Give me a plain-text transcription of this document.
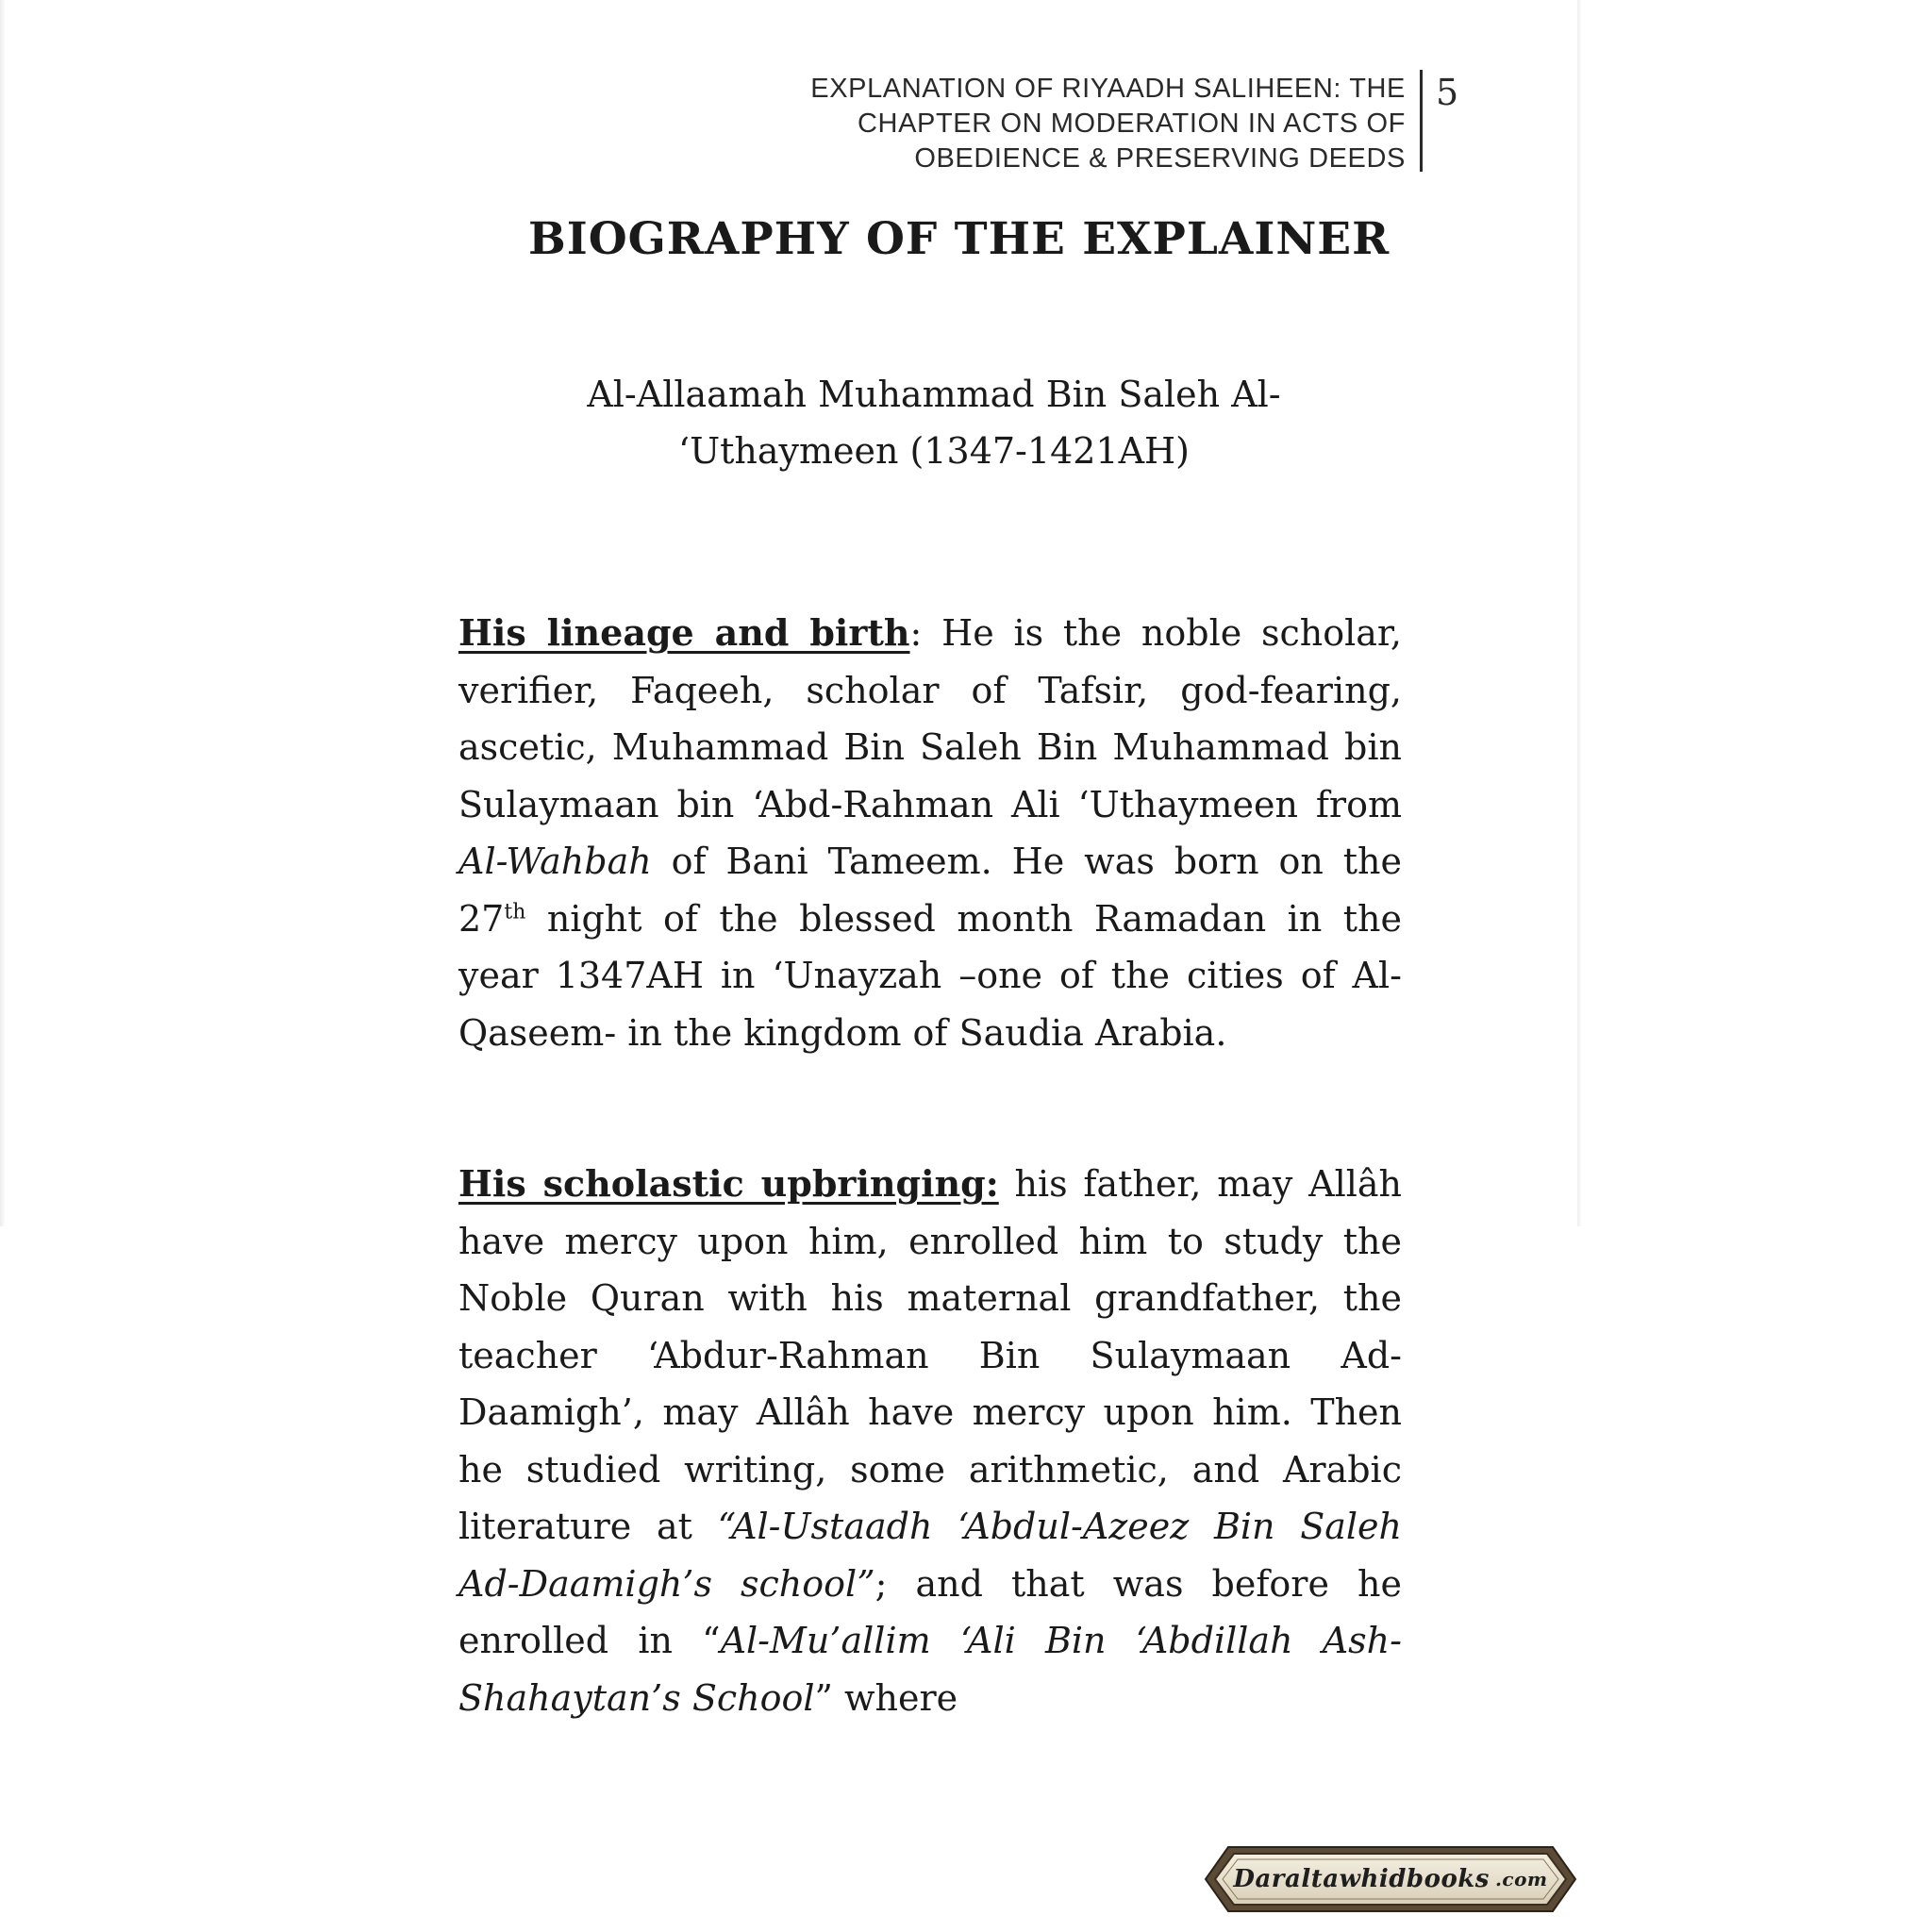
EXPLANATION OF RIYAADH SALIHEEN: THE
CHAPTER ON MODERATION IN ACTS OF
OBEDIENCE & PRESERVING DEEDS
5
BIOGRAPHY OF THE EXPLAINER
Al-Allaamah Muhammad Bin Saleh Al-
‘Uthaymeen (1347-1421AH)
His lineage and birth: He is the noble scholar, verifier, Faqeeh, scholar of Tafsir, god-fearing, ascetic, Muhammad Bin Saleh Bin Muhammad bin Sulaymaan bin ‘Abd-Rahman Ali ‘Uthaymeen from Al-Wahbah of Bani Tameem. He was born on the 27th night of the blessed month Ramadan in the year 1347AH in ‘Unayzah –one of the cities of Al-Qaseem- in the kingdom of Saudia Arabia.
His scholastic upbringing: his father, may Allâh have mercy upon him, enrolled him to study the Noble Quran with his maternal grandfather, the teacher ‘Abdur-Rahman Bin Sulaymaan Ad-Daamigh’, may Allâh have mercy upon him. Then he studied writing, some arithmetic, and Arabic literature at “Al-Ustaadh ‘Abdul-Azeez Bin Saleh Ad-Daamigh’s school”; and that was before he enrolled in “Al-Mu’allim ‘Ali Bin ‘Abdillah Ash-Shahaytan’s School” where
Daraltawhidbooks .com
